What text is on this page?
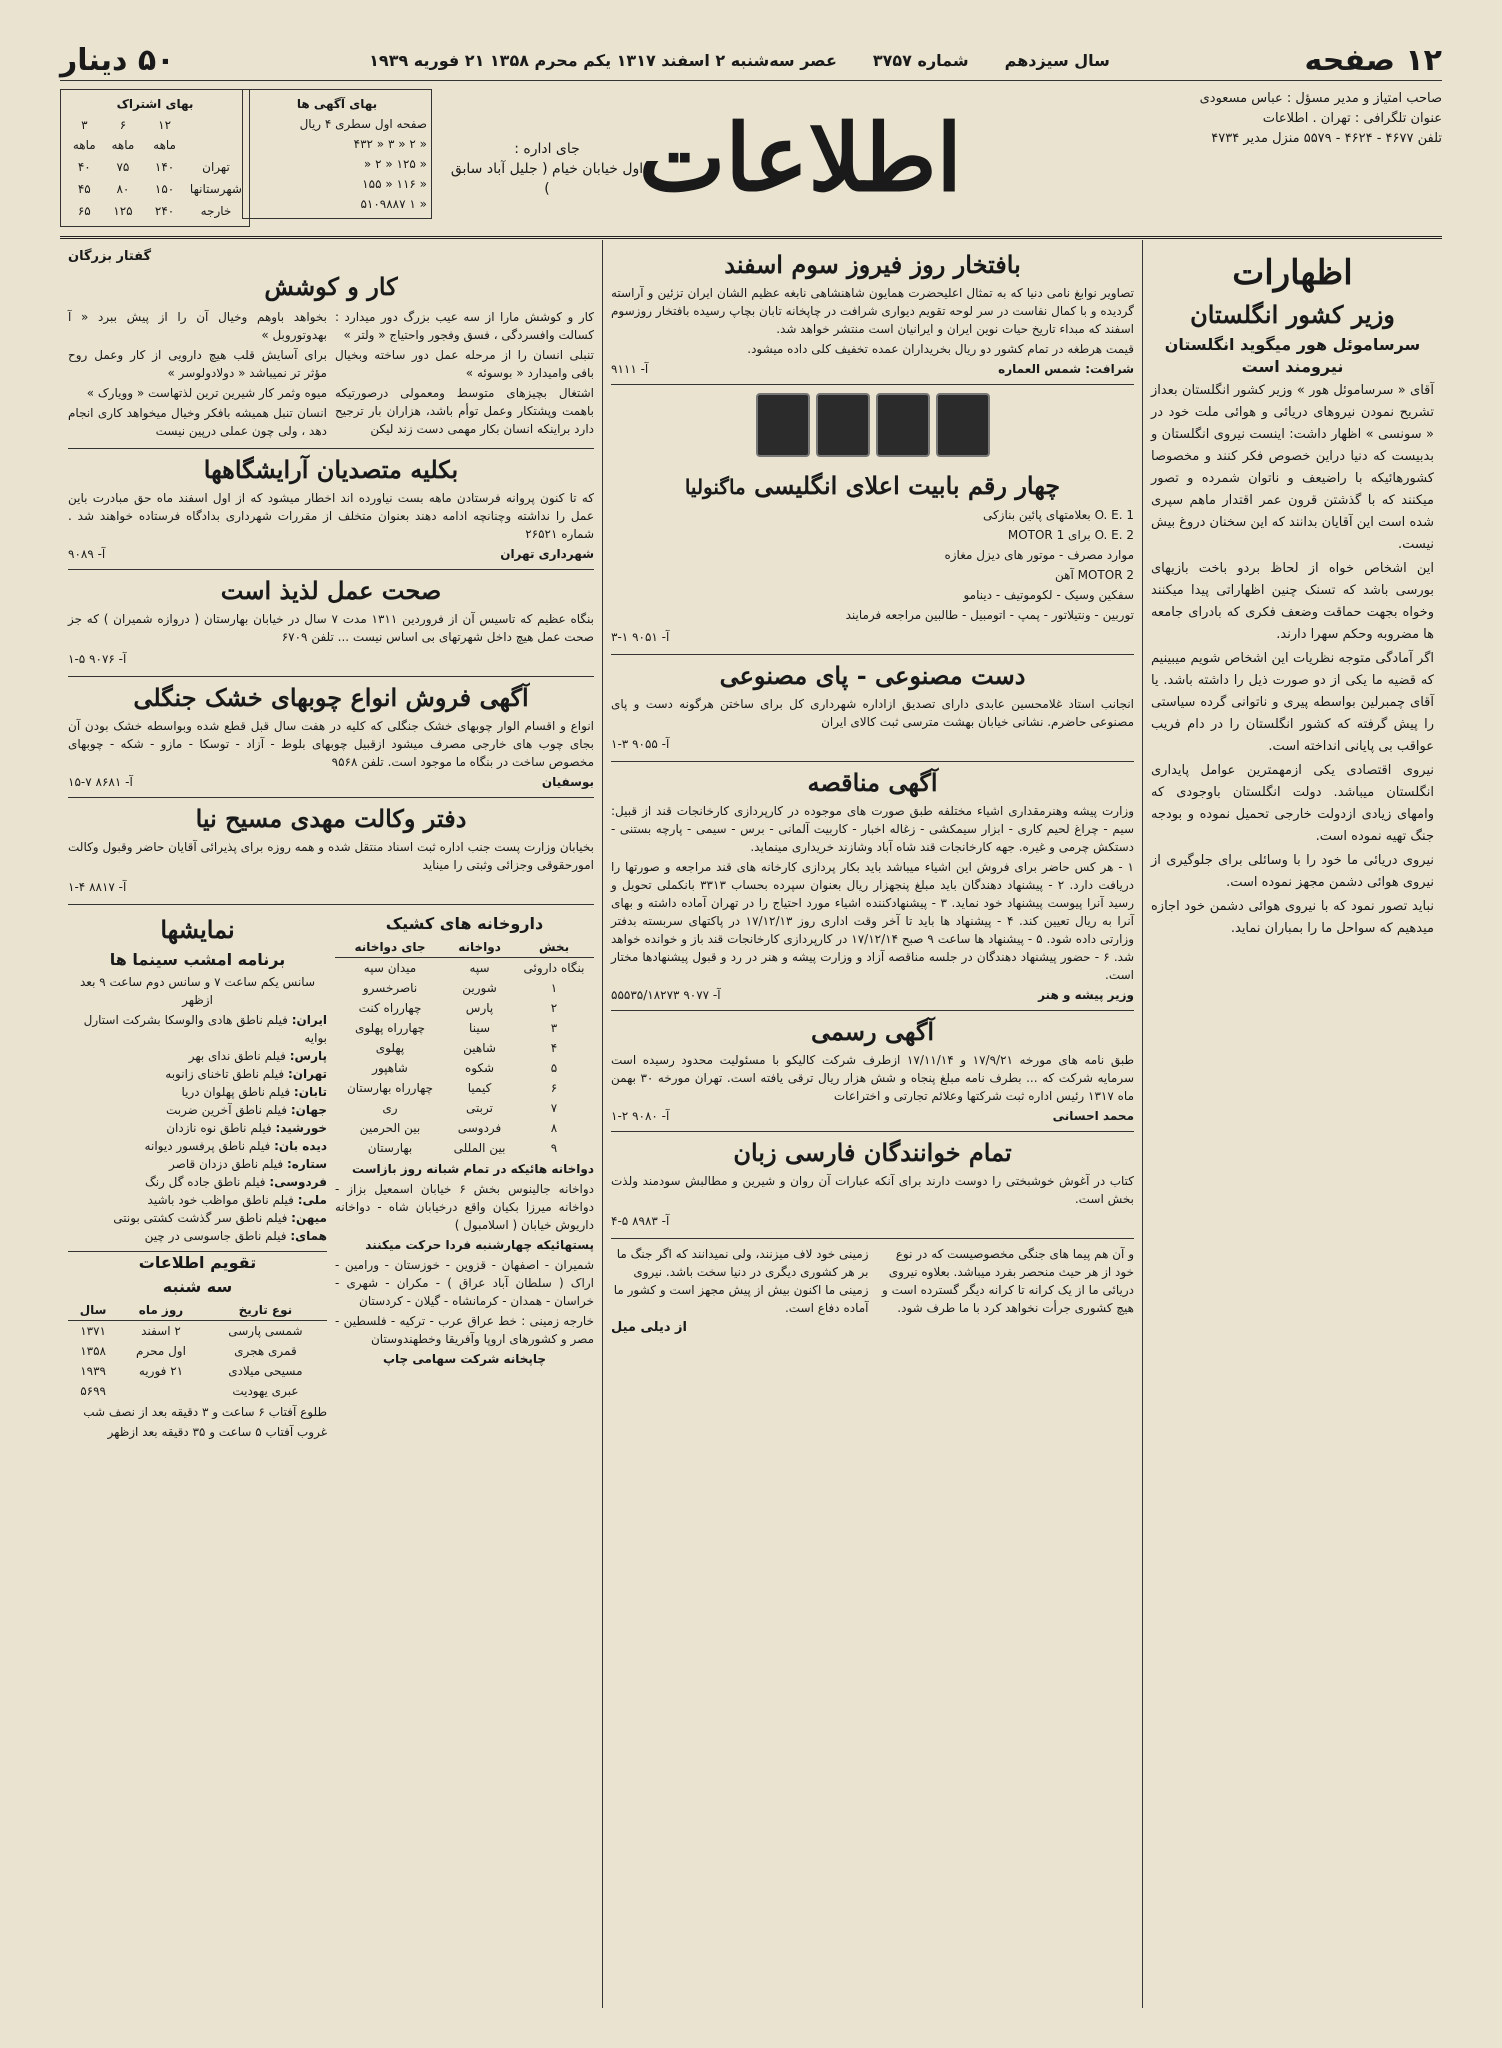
۱۲ صفحه
سال سیزدهم
شماره ۳۷۵۷
عصر سه‌شنبه ۲ اسفند ۱۳۱۷ یکم محرم ۱۳۵۸ ۲۱ فوریه ۱۹۳۹
۵۰ دینار
صاحب امتیاز و مدیر مسؤل : عباس مسعودی
عنوان تلگرافی : تهران . اطلاعات
تلفن ۴۶۷۷ - ۴۶۲۴ - ۵۵۷۹ منزل مدیر ۴۷۳۴
اطلاعات
جای اداره :
اول خیابان خیام ( جلیل آباد سابق )
بهای آگهی ها
صفحه اول سطری ۴ ریال
« ۲ « ۳ « ۴۳۲
« ۱۲۵ « ۲ «
« ۱۱۶ « ۱۵۵
« ۱ ۵۱۰۹۸۸۷
بهای اشتراک
	۱۲ ماهه	۶ ماهه	۳ ماهه
تهران	۱۴۰	۷۵	۴۰
شهرستانها	۱۵۰	۸۰	۴۵
خارجه	۲۴۰	۱۲۵	۶۵
اظهارات
وزیر کشور انگلستان
سرساموئل هور میگوید انگلستان نیرومند است

آقای « سرساموئل هور » وزیر کشور انگلستان بعداز تشریح نمودن نیروهای دریائی و هوائی ملت خود در « سونسی » اظهار داشت: اینست نیروی انگلستان و بدبیست که دنیا دراین خصوص فکر کنند و مخصوصا کشورهائیکه با راضیعف و ناتوان شمرده و تصور میکنند که با گذشتن قرون عمر اقتدار ماهم سپری شده است این آقایان بدانند که این سخنان دروغ بیش نیست.

این اشخاص خواه از لحاظ بردو باخت بازیهای بورسی باشد که تسنک چنین اظهاراتی پیدا میکنند وخواه بجهت حماقت وضعف فکری که بادرای جامعه ها مضروبه وحکم سهرا دارند.

اگر آمادگی متوجه نظریات این اشخاص شویم میبینیم که قضیه ما یکی از دو صورت ذیل را داشته باشد. یا آقای چمبرلین بواسطه پیری و ناتوانی گرده سیاستی را پیش گرفته که کشور انگلستان را در دام فریب عواقب بی پایانی انداخته است.

نیروی اقتصادی یکی ازمهمترین عوامل پایداری انگلستان میباشد. دولت انگلستان باوجودی که وامهای زیادی ازدولت خارجی تحمیل نموده و بودجه جنگ تهیه نموده است.

نیروی دریائی ما خود را با وسائلی برای جلوگیری از نیروی هوائی دشمن مجهز نموده است.

نباید تصور نمود که با نیروی هوائی دشمن خود اجازه میدهیم که سواحل ما را بمباران نماید.

بافتخار روز فیروز سوم اسفند

تصاویر نوابغ نامی دنیا که به تمثال اعلیحضرت همایون شاهنشاهی نابغه عظیم الشان ایران تزئین و آراسته گردیده و با کمال نفاست در سر لوحه تقویم دیواری شرافت در چاپخانه تابان بچاپ رسیده بافتخار روزسوم اسفند که مبداء تاریخ حیات نوین ایران و ایرانیان است منتشر خواهد شد.

قیمت هرطغه در تمام کشور دو ریال بخریداران عمده تخفیف کلی داده میشود.

شرافت: شمس العماره
آ- ۹۱۱۱
چهار رقم بابیت اعلای انگلیسی ماگنولیا

O. E. 1 بعلامتهای پائین بنازکی

O. E. 2 برای MOTOR 1

موارد مصرف - موتور های دیزل مغازه

MOTOR 2 آهن

سفکین وسیک - لکوموتیف - دینامو

توربین - ونتیلاتور - پمپ - اتومبیل - طالبین مراجعه فرمایند

آ- ۹۰۵۱ ۱-۳
دست مصنوعی - پای مصنوعی

انجانب استاد غلامحسین عابدی دارای تصدیق ازاداره شهرداری کل برای ساختن هرگونه دست و پای مصنوعی حاضرم. نشانی خیابان بهشت مترسی ثبت کالای ایران

آ- ۹۰۵۵ ۳-۱
آگهی مناقصه

وزارت پیشه وهنرمقداری اشیاء مختلفه طبق صورت های موجوده در کارپردازی کارخانجات قند از قبیل: سیم - چراغ لحیم کاری - ابزار سیمکشی - زغاله اخبار - کاربیت آلمانی - برس - سیمی - پارچه بستنی - دستکش چرمی و غیره. جهه کارخانجات قند شاه آباد وشازند خریداری مینماید.

۱ - هر کس حاضر برای فروش این اشیاء میباشد باید بکار پردازی کارخانه های قند مراجعه و صورتها را دریافت دارد. ۲ - پیشنهاد دهندگان باید مبلغ پنجهزار ریال بعنوان سپرده بحساب ۳۳۱۳ بانکملی تحویل و رسید آنرا پیوست پیشنهاد خود نماید. ۳ - پیشنهادکننده اشیاء مورد احتیاج را در تهران آماده داشته و بهای آنرا به ریال تعیین کند. ۴ - پیشنهاد ها باید تا آخر وقت اداری روز ۱۷/۱۲/۱۳ در پاکتهای سربسته بدفتر وزارتی داده شود. ۵ - پیشنهاد ها ساعت ۹ صبح ۱۷/۱۲/۱۴ در کارپردازی کارخانجات قند باز و خوانده خواهد شد. ۶ - حضور پیشنهاد دهندگان در جلسه مناقصه آزاد و وزارت پیشه و هنر در رد و قبول پیشنهادها مختار است.

وزیر پیشه و هنر
آ- ۹۰۷۷ ۵۵۵۳۵/۱۸۲۷۳
آگهی رسمی

طبق نامه های مورخه ۱۷/۹/۲۱ و ۱۷/۱۱/۱۴ ازطرف شرکت کالیکو با مسئولیت محدود رسیده است سرمایه شرکت که ... بطرف نامه مبلغ پنجاه و شش هزار ریال ترقی یافته است. تهران مورخه ۳۰ بهمن ماه ۱۳۱۷ رئیس اداره ثبت شرکتها وعلائم تجارتی و اختراعات

محمد احسانی
آ- ۹۰۸۰ ۲-۱
تمام خوانندگان فارسی زبان

کتاب در آغوش خوشبختی را دوست دارند برای آنکه عبارات آن روان و شیرین و مطالبش سودمند ولذت بخش است.

آ- ۸۹۸۳ ۵-۴
و آن هم پیما های جنگی مخصوصیست که در نوع خود از هر حیث منحصر بفرد میباشد. بعلاوه نیروی دریائی ما از یک کرانه تا کرانه دیگر گسترده است و هیچ کشوری جرأت نخواهد کرد با ما طرف شود.
زمینی خود لاف میزنند، ولی نمیدانند که اگر جنگ ما بر هر کشوری دیگری در دنیا سخت باشد. نیروی زمینی ما اکنون بیش از پیش مجهز است و کشور ما آماده دفاع است.
از دیلی میل
گفتار بزرگان
کار و کوشش

کار و کوشش مارا از سه عیب بزرگ دور میدارد : کسالت وافسردگی ، فسق وفجور واحتیاج « ولتر »

تنبلی انسان را از مرحله عمل دور ساخته وبخیال بافی وامیدارد « بوسوئه »

اشتغال بچیزهای متوسط ومعمولی درصورتیکه باهمت وپشتکار وعمل توأم باشد، هزاران بار ترجیح دارد براینکه انسان بکار مهمی دست زند لیکن

بخواهد باوهم وخیال آن را از پیش ببرد « آ بهدوتوروبل »

برای آسایش قلب هیچ دارویی از کار وعمل روح مؤثر تر نمیباشد « دولادولوسر »

میوه وثمر کار شیرین ترین لذتهاست « وویارک »

انسان تنبل همیشه بافکر وخیال میخواهد کاری انجام دهد ، ولی چون عملی درپین نیست

بکلیه متصدیان آرایشگاهها

که تا کنون پروانه فرستادن ماهه بست نیاورده اند اخطار میشود که از اول اسفند ماه حق مبادرت باین عمل را نداشته وچنانچه ادامه دهند بعنوان متخلف از مقررات شهرداری بدادگاه فرستاده خواهند شد . شماره ۲۶۵۲۱

شهرداری تهران
آ- ۹۰۸۹
صحت عمل لذیذ است

بنگاه عظیم که تاسیس آن از فروردین ۱۳۱۱ مدت ۷ سال در خیابان بهارستان ( دروازه شمیران ) که جز صحت عمل هیچ داخل شهرتهای بی اساس نیست ... تلفن ۶۷۰۹

آ- ۹۰۷۶ ۵-۱
آگهی فروش انواع چوبهای خشک جنگلی

انواع و اقسام الوار چوبهای خشک جنگلی که کلیه در هفت سال قبل قطع شده وبواسطه خشک بودن آن بجای چوب های خارجی مصرف میشود ازقبیل چوبهای بلوط - آزاد - توسکا - مازو - شکه - چوبهای مخصوص ساخت در بنگاه ما موجود است. تلفن ۹۵۶۸

بوسفیان
آ- ۸۶۸۱ ۷-۱۵
دفتر وکالت مهدی مسیح نیا

بخیابان وزارت پست جنب اداره ثبت اسناد منتقل شده و همه روزه برای پذیرائی آقایان حاضر وقبول وکالت امورحقوقی وجزائی وثبتی را میناید

آ- ۸۸۱۷ ۴-۱
داروخانه های کشیک
بخش	دواخانه	جای دواخانه
بنگاه داروئی	سپه	میدان سپه
۱	شورین	ناصرخسرو
۲	پارس	چهارراه کنت
۳	سینا	چهارراه پهلوی
۴	شاهین	پهلوی
۵	شکوه	شاهپور
۶	کیمیا	چهارراه بهارستان
۷	تربتی	ری
۸	فردوسی	بین الحرمین
۹	بین المللی	بهارستان

دواخانه هائیکه در تمام شبانه روز بازاست

دواخانه جالینوس بخش ۶ خیابان اسمعیل بزاز - دواخانه میرزا بکیان واقع درخیابان شاه - دواخانه داریوش خیابان ( اسلامبول )

پستهائیکه چهارشنبه فردا حرکت میکنند

شمیران - اصفهان - قزوین - خوزستان - ورامین - اراک ( سلطان آباد عراق ) - مکران - شهری - خراسان - همدان - کرمانشاه - گیلان - کردستان

خارجه زمینی : خط عراق عرب - ترکیه - فلسطین - مصر و کشورهای اروپا وآفریقا وخطهندوستان

چاپخانه شرکت سهامی چاپ

نمایشها
برنامه امشب سینما ها

سانس یکم ساعت ۷ و سانس دوم ساعت ۹ بعد ازظهر

ایران: فیلم ناطق هادی والوسکا بشرکت استارل بوایه
پارس: فیلم ناطق ندای بهر
تهران: فیلم ناطق تاخنای زانوبه
تابان: فیلم ناطق پهلوان دریا
جهان: فیلم ناطق آخرین ضربت
خورشید: فیلم ناطق نوه نازدان
دیده بان: فیلم ناطق پرفسور دیوانه
ستاره: فیلم ناطق دزدان قاصر
فردوسی: فیلم ناطق جاده گل رنگ
ملی: فیلم ناطق مواظب خود باشید
میهن: فیلم ناطق سر گذشت کشتی بونتی
همای: فیلم ناطق جاسوسی در چین
تقویم اطلاعات
سه شنبه
نوع تاریخ	روز ماه	سال
شمسی پارسی	۲ اسفند	۱۳۷۱
قمری هجری	اول محرم	۱۳۵۸
مسیحی میلادی	۲۱ فوریه	۱۹۳۹
عبری یهودیت		۵۶۹۹

طلوع آفتاب ۶ ساعت و ۳ دقیقه بعد از نصف شب

غروب آفتاب ۵ ساعت و ۳۵ دقیقه بعد ازظهر
